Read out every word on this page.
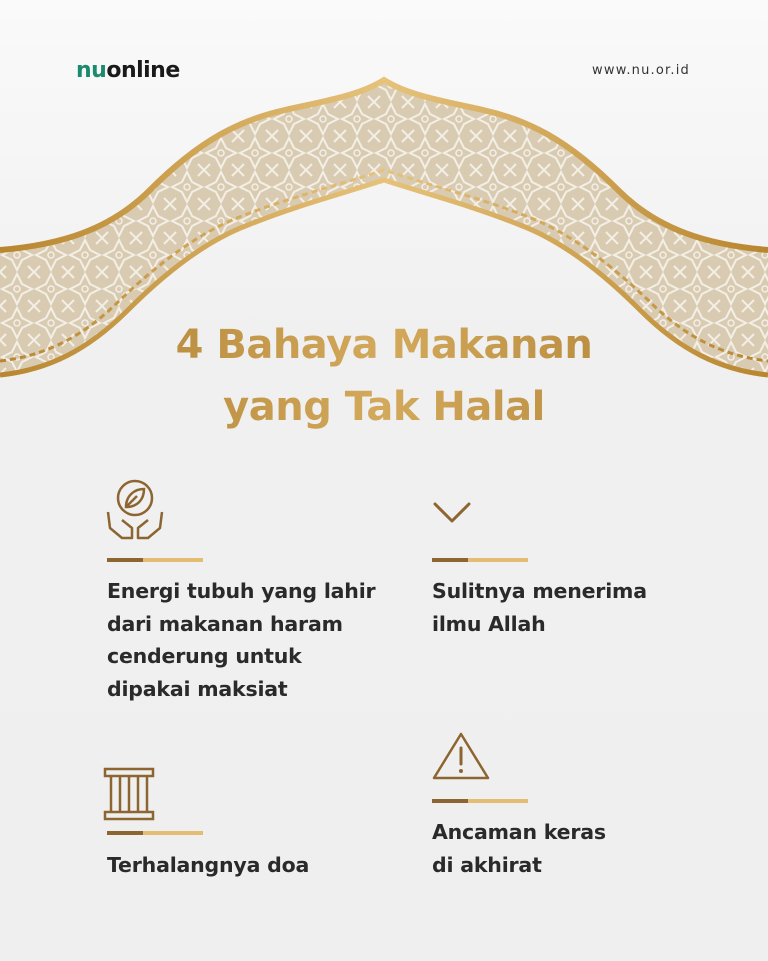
nuonline	www.nu.or.id
4 Bahaya Makanan
yang Tak Halal
Energi tubuh yang lahir
dari makanan haram
cenderung untuk
dipakai maksiat
Sulitnya menerima
ilmu Allah
Terhalangnya doa
Ancaman keras
di akhirat
